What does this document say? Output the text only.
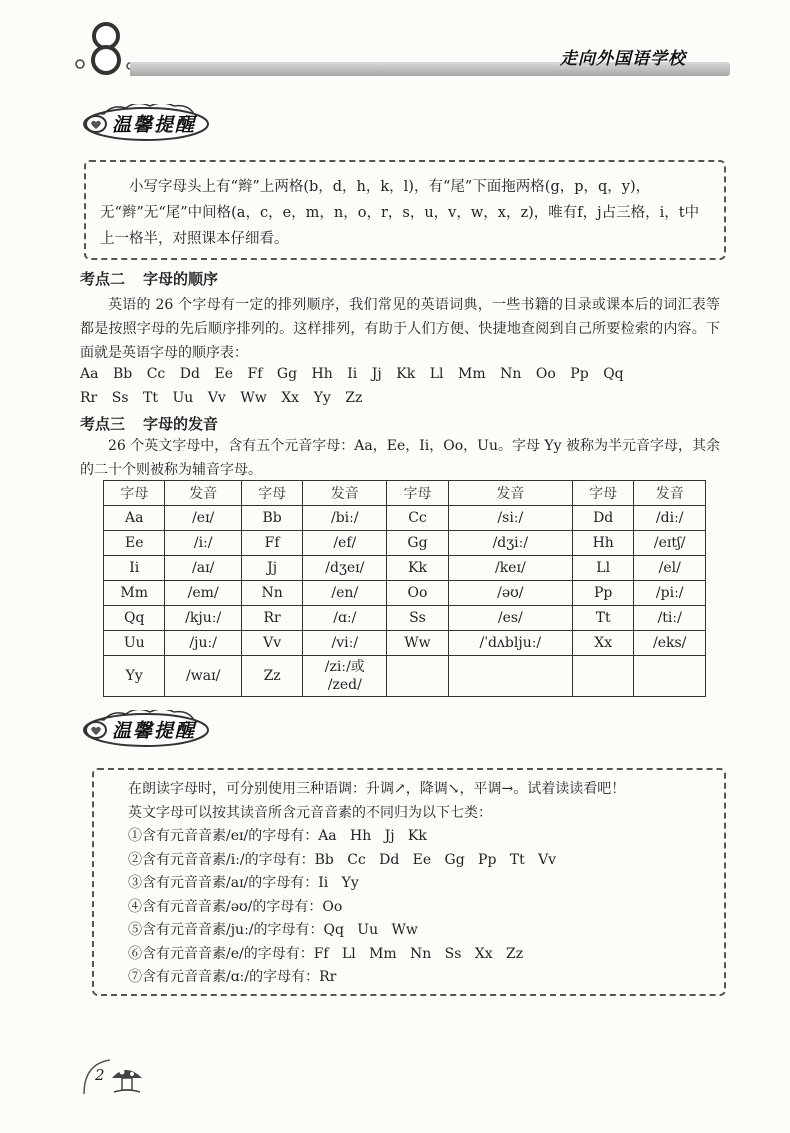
走向外国语学校
温馨提醒
小写字母头上有“辫”上两格(b，d，h，k，l)，有“尾”下面拖两格(g，p，q，y)，无“辫”无“尾”中间格(a，c，e，m，n，o，r，s，u，v，w，x，z)，唯有f，j占三格，i，t中上一格半，对照课本仔细看。
考点二 字母的顺序
英语的 26 个字母有一定的排列顺序，我们常见的英语词典，一些书籍的目录或课本后的词汇表等都是按照字母的先后顺序排列的。这样排列，有助于人们方便、快捷地查阅到自己所要检索的内容。下面就是英语字母的顺序表：
Aa Bb Cc Dd Ee Ff Gg Hh Ii Jj Kk Ll Mm Nn Oo Pp Qq
Rr Ss Tt Uu Vv Ww Xx Yy Zz
考点三 字母的发音
26 个英文字母中，含有五个元音字母：Aa，Ee，Ii，Oo，Uu。字母 Yy 被称为半元音字母，其余的二十个则被称为辅音字母。
字母	发音	字母	发音	字母	发音	字母	发音
Aa	/eɪ/	Bb	/biː/	Cc	/siː/	Dd	/diː/
Ee	/iː/	Ff	/ef/	Gg	/dʒiː/	Hh	/eɪtʃ/
Ii	/aɪ/	Jj	/dʒeɪ/	Kk	/keɪ/	Ll	/el/
Mm	/em/	Nn	/en/	Oo	/əʊ/	Pp	/piː/
Qq	/kjuː/	Rr	/ɑː/	Ss	/es/	Tt	/tiː/
Uu	/juː/	Vv	/viː/	Ww	/ˈdʌbljuː/	Xx	/eks/
Yy	/waɪ/	Zz	/ziː/或
/zed/				
温馨提醒
在朗读字母时，可分别使用三种语调：升调↗，降调↘，平调→。试着读读看吧！
英文字母可以按其读音所含元音音素的不同归为以下七类：
①含有元音音素/eɪ/的字母有：Aa   Hh   Jj   Kk
②含有元音音素/iː/的字母有：Bb   Cc   Dd   Ee   Gg   Pp   Tt   Vv
③含有元音音素/aɪ/的字母有：Ii   Yy
④含有元音音素/əʊ/的字母有：Oo
⑤含有元音音素/juː/的字母有：Qq   Uu   Ww
⑥含有元音音素/e/的字母有：Ff   Ll   Mm   Nn   Ss   Xx   Zz
⑦含有元音音素/ɑː/的字母有：Rr
2
